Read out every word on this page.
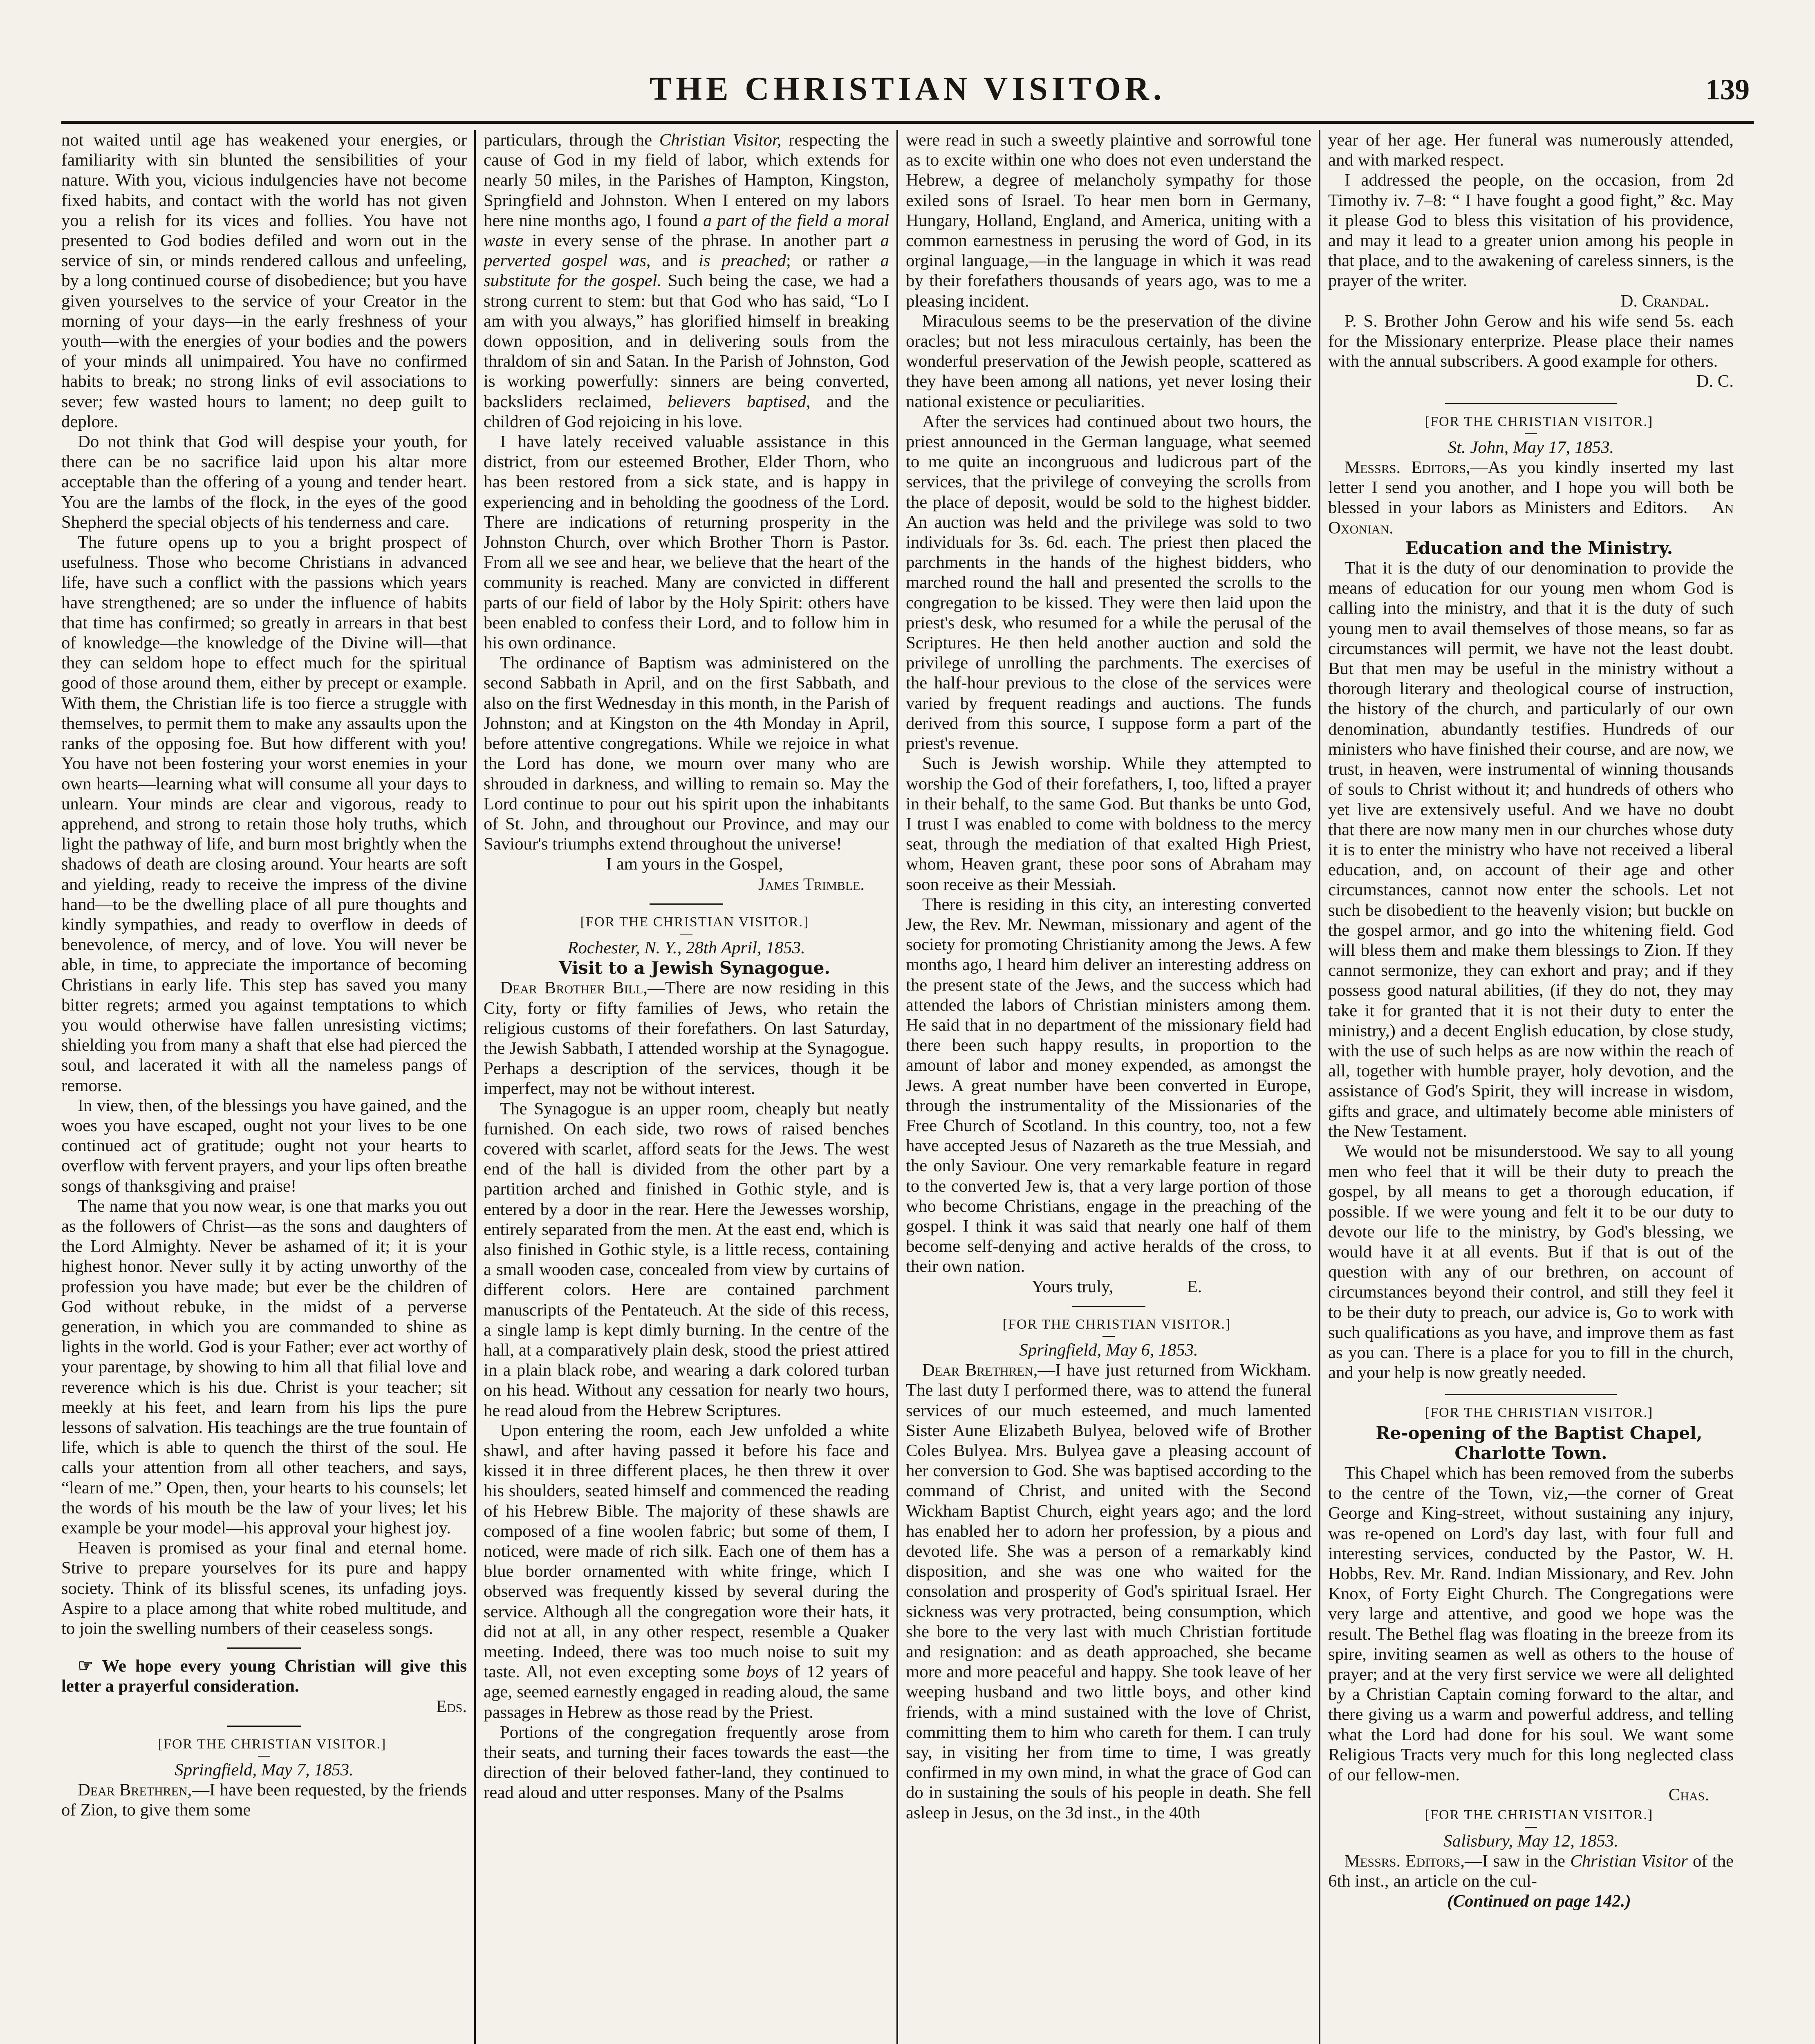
THE CHRISTIAN VISITOR.	139

not waited until age has weakened your energies, or familiarity with sin blunted the sensibilities of your nature. With you, vicious indulgencies have not become fixed habits, and contact with the world has not given you a relish for its vices and follies. You have not presented to God bodies defiled and worn out in the service of sin, or minds rendered callous and unfeeling, by a long continued course of disobedience; but you have given yourselves to the service of your Creator in the morning of your days—in the early freshness of your youth—with the energies of your bodies and the powers of your minds all unimpaired. You have no confirmed habits to break; no strong links of evil associations to sever; few wasted hours to lament; no deep guilt to deplore.

Do not think that God will despise your youth, for there can be no sacrifice laid upon his altar more acceptable than the offering of a young and tender heart. You are the lambs of the flock, in the eyes of the good Shepherd the special objects of his tenderness and care.

The future opens up to you a bright prospect of usefulness. Those who become Christians in advanced life, have such a conflict with the passions which years have strengthened; are so under the influence of habits that time has confirmed; so greatly in arrears in that best of knowledge—the knowledge of the Divine will—that they can seldom hope to effect much for the spiritual good of those around them, either by precept or example. With them, the Christian life is too fierce a struggle with themselves, to permit them to make any assaults upon the ranks of the opposing foe. But how different with you! You have not been fostering your worst enemies in your own hearts—learning what will consume all your days to unlearn. Your minds are clear and vigorous, ready to apprehend, and strong to retain those holy truths, which light the pathway of life, and burn most brightly when the shadows of death are closing around. Your hearts are soft and yielding, ready to receive the impress of the divine hand—to be the dwelling place of all pure thoughts and kindly sympathies, and ready to overflow in deeds of benevolence, of mercy, and of love. You will never be able, in time, to appreciate the importance of becoming Christians in early life. This step has saved you many bitter regrets; armed you against temptations to which you would otherwise have fallen unresisting victims; shielding you from many a shaft that else had pierced the soul, and lacerated it with all the nameless pangs of remorse.

In view, then, of the blessings you have gained, and the woes you have escaped, ought not your lives to be one continued act of gratitude; ought not your hearts to overflow with fervent prayers, and your lips often breathe songs of thanksgiving and praise!

The name that you now wear, is one that marks you out as the followers of Christ—as the sons and daughters of the Lord Almighty. Never be ashamed of it; it is your highest honor. Never sully it by acting unworthy of the profession you have made; but ever be the children of God without rebuke, in the midst of a perverse generation, in which you are commanded to shine as lights in the world. God is your Father; ever act worthy of your parentage, by showing to him all that filial love and reverence which is his due. Christ is your teacher; sit meekly at his feet, and learn from his lips the pure lessons of salvation. His teachings are the true fountain of life, which is able to quench the thirst of the soul. He calls your attention from all other teachers, and says, “learn of me.” Open, then, your hearts to his counsels; let the words of his mouth be the law of your lives; let his example be your model—his approval your highest joy.

Heaven is promised as your final and eternal home. Strive to prepare yourselves for its pure and happy society. Think of its blissful scenes, its unfading joys. Aspire to a place among that white robed multitude, and to join the swelling numbers of their ceaseless songs.

☞ We hope every young Christian will give this letter a prayerful consideration.

Eds.

[FOR THE CHRISTIAN VISITOR.]

Springfield, May 7, 1853.

Dear Brethren,—I have been requested, by the friends of Zion, to give them some

particulars, through the Christian Visitor, respecting the cause of God in my field of labor, which extends for nearly 50 miles, in the Parishes of Hampton, Kingston, Springfield and Johnston. When I entered on my labors here nine months ago, I found a part of the field a moral waste in every sense of the phrase. In another part a perverted gospel was, and is preached; or rather a substitute for the gospel. Such being the case, we had a strong current to stem: but that God who has said, “Lo I am with you always,” has glorified himself in breaking down opposition, and in delivering souls from the thraldom of sin and Satan. In the Parish of Johnston, God is working powerfully: sinners are being converted, backsliders reclaimed, believers baptised, and the children of God rejoicing in his love.

I have lately received valuable assistance in this district, from our esteemed Brother, Elder Thorn, who has been restored from a sick state, and is happy in experiencing and in beholding the goodness of the Lord. There are indications of returning prosperity in the Johnston Church, over which Brother Thorn is Pastor. From all we see and hear, we believe that the heart of the community is reached. Many are convicted in different parts of our field of labor by the Holy Spirit: others have been enabled to confess their Lord, and to follow him in his own ordinance.

The ordinance of Baptism was administered on the second Sabbath in April, and on the first Sabbath, and also on the first Wednesday in this month, in the Parish of Johnston; and at Kingston on the 4th Monday in April, before attentive congregations. While we rejoice in what the Lord has done, we mourn over many who are shrouded in darkness, and willing to remain so. May the Lord continue to pour out his spirit upon the inhabitants of St. John, and throughout our Province, and may our Saviour's triumphs extend throughout the universe!

I am yours in the Gospel,

James Trimble.

[FOR THE CHRISTIAN VISITOR.]

Rochester, N. Y., 28th April, 1853.

Visit to a Jewish Synagogue.

Dear Brother Bill,—There are now residing in this City, forty or fifty families of Jews, who retain the religious customs of their forefathers. On last Saturday, the Jewish Sabbath, I attended worship at the Synagogue. Perhaps a description of the services, though it be imperfect, may not be without interest.

The Synagogue is an upper room, cheaply but neatly furnished. On each side, two rows of raised benches covered with scarlet, afford seats for the Jews. The west end of the hall is divided from the other part by a partition arched and finished in Gothic style, and is entered by a door in the rear. Here the Jewesses worship, entirely separated from the men. At the east end, which is also finished in Gothic style, is a little recess, containing a small wooden case, concealed from view by curtains of different colors. Here are contained parchment manuscripts of the Pentateuch. At the side of this recess, a single lamp is kept dimly burning. In the centre of the hall, at a comparatively plain desk, stood the priest attired in a plain black robe, and wearing a dark colored turban on his head. Without any cessation for nearly two hours, he read aloud from the Hebrew Scriptures.

Upon entering the room, each Jew unfolded a white shawl, and after having passed it before his face and kissed it in three different places, he then threw it over his shoulders, seated himself and commenced the reading of his Hebrew Bible. The majority of these shawls are composed of a fine woolen fabric; but some of them, I noticed, were made of rich silk. Each one of them has a blue border ornamented with white fringe, which I observed was frequently kissed by several during the service. Although all the congregation wore their hats, it did not at all, in any other respect, resemble a Quaker meeting. Indeed, there was too much noise to suit my taste. All, not even excepting some boys of 12 years of age, seemed earnestly engaged in reading aloud, the same passages in Hebrew as those read by the Priest.

Portions of the congregation frequently arose from their seats, and turning their faces towards the east—the direction of their beloved father-land, they continued to read aloud and utter responses. Many of the Psalms

were read in such a sweetly plaintive and sorrowful tone as to excite within one who does not even understand the Hebrew, a degree of melancholy sympathy for those exiled sons of Israel. To hear men born in Germany, Hungary, Holland, England, and America, uniting with a common earnestness in perusing the word of God, in its orginal language,—in the language in which it was read by their forefathers thousands of years ago, was to me a pleasing incident.

Miraculous seems to be the preservation of the divine oracles; but not less miraculous certainly, has been the wonderful preservation of the Jewish people, scattered as they have been among all nations, yet never losing their national existence or peculiarities.

After the services had continued about two hours, the priest announced in the German language, what seemed to me quite an incongruous and ludicrous part of the services, that the privilege of conveying the scrolls from the place of deposit, would be sold to the highest bidder. An auction was held and the privilege was sold to two individuals for 3s. 6d. each. The priest then placed the parchments in the hands of the highest bidders, who marched round the hall and presented the scrolls to the congregation to be kissed. They were then laid upon the priest's desk, who resumed for a while the perusal of the Scriptures. He then held another auction and sold the privilege of unrolling the parchments. The exercises of the half-hour previous to the close of the services were varied by frequent readings and auctions. The funds derived from this source, I suppose form a part of the priest's revenue.

Such is Jewish worship. While they attempted to worship the God of their forefathers, I, too, lifted a prayer in their behalf, to the same God. But thanks be unto God, I trust I was enabled to come with boldness to the mercy seat, through the mediation of that exalted High Priest, whom, Heaven grant, these poor sons of Abraham may soon receive as their Messiah.

There is residing in this city, an interesting converted Jew, the Rev. Mr. Newman, missionary and agent of the society for promoting Christianity among the Jews. A few months ago, I heard him deliver an interesting address on the present state of the Jews, and the success which had attended the labors of Christian ministers among them. He said that in no department of the missionary field had there been such happy results, in proportion to the amount of labor and money expended, as amongst the Jews. A great number have been converted in Europe, through the instrumentality of the Missionaries of the Free Church of Scotland. In this country, too, not a few have accepted Jesus of Nazareth as the true Messiah, and the only Saviour. One very remarkable feature in regard to the converted Jew is, that a very large portion of those who become Christians, engage in the preaching of the gospel. I think it was said that nearly one half of them become self-denying and active heralds of the cross, to their own nation.

Yours truly,	E.

[FOR THE CHRISTIAN VISITOR.]

Springfield, May 6, 1853.

Dear Brethren,—I have just returned from Wickham. The last duty I performed there, was to attend the funeral services of our much esteemed, and much lamented Sister Aune Elizabeth Bulyea, beloved wife of Brother Coles Bulyea. Mrs. Bulyea gave a pleasing account of her conversion to God. She was baptised according to the command of Christ, and united with the Second Wickham Baptist Church, eight years ago; and the lord has enabled her to adorn her profession, by a pious and devoted life. She was a person of a remarkably kind disposition, and she was one who waited for the consolation and prosperity of God's spiritual Israel. Her sickness was very protracted, being consumption, which she bore to the very last with much Christian fortitude and resignation: and as death approached, she became more and more peaceful and happy. She took leave of her weeping husband and two little boys, and other kind friends, with a mind sustained with the love of Christ, committing them to him who careth for them. I can truly say, in visiting her from time to time, I was greatly confirmed in my own mind, in what the grace of God can do in sustaining the souls of his people in death. She fell asleep in Jesus, on the 3d inst., in the 40th

year of her age. Her funeral was numerously attended, and with marked respect.

I addressed the people, on the occasion, from 2d Timothy iv. 7–8: “ I have fought a good fight,” &c. May it please God to bless this visitation of his providence, and may it lead to a greater union among his people in that place, and to the awakening of careless sinners, is the prayer of the writer.

D. Crandal.

P. S. Brother John Gerow and his wife send 5s. each for the Missionary enterprize. Please place their names with the annual subscribers. A good example for others.

D. C.

[FOR THE CHRISTIAN VISITOR.]

St. John, May 17, 1853.

Messrs. Editors,—As you kindly inserted my last letter I send you another, and I hope you will both be blessed in your labors as Ministers and Editors. An Oxonian.

Education and the Ministry.

That it is the duty of our denomination to provide the means of education for our young men whom God is calling into the ministry, and that it is the duty of such young men to avail themselves of those means, so far as circumstances will permit, we have not the least doubt. But that men may be useful in the ministry without a thorough literary and theological course of instruction, the history of the church, and particularly of our own denomination, abundantly testifies. Hundreds of our ministers who have finished their course, and are now, we trust, in heaven, were instrumental of winning thousands of souls to Christ without it; and hundreds of others who yet live are extensively useful. And we have no doubt that there are now many men in our churches whose duty it is to enter the ministry who have not received a liberal education, and, on account of their age and other circumstances, cannot now enter the schools. Let not such be disobedient to the heavenly vision; but buckle on the gospel armor, and go into the whitening field. God will bless them and make them blessings to Zion. If they cannot sermonize, they can exhort and pray; and if they possess good natural abilities, (if they do not, they may take it for granted that it is not their duty to enter the ministry,) and a decent English education, by close study, with the use of such helps as are now within the reach of all, together with humble prayer, holy devotion, and the assistance of God's Spirit, they will increase in wisdom, gifts and grace, and ultimately become able ministers of the New Testament.

We would not be misunderstood. We say to all young men who feel that it will be their duty to preach the gospel, by all means to get a thorough education, if possible. If we were young and felt it to be our duty to devote our life to the ministry, by God's blessing, we would have it at all events. But if that is out of the question with any of our brethren, on account of circumstances beyond their control, and still they feel it to be their duty to preach, our advice is, Go to work with such qualifications as you have, and improve them as fast as you can. There is a place for you to fill in the church, and your help is now greatly needed.

[FOR THE CHRISTIAN VISITOR.]

Re-opening of the Baptist Chapel, Charlotte Town.

This Chapel which has been removed from the suberbs to the centre of the Town, viz,—the corner of Great George and King-street, without sustaining any injury, was re-opened on Lord's day last, with four full and interesting services, conducted by the Pastor, W. H. Hobbs, Rev. Mr. Rand. Indian Missionary, and Rev. John Knox, of Forty Eight Church. The Congregations were very large and attentive, and good we hope was the result. The Bethel flag was floating in the breeze from its spire, inviting seamen as well as others to the house of prayer; and at the very first service we were all delighted by a Christian Captain coming forward to the altar, and there giving us a warm and powerful address, and telling what the Lord had done for his soul. We want some Religious Tracts very much for this long neglected class of our fellow-men.

Chas.

[FOR THE CHRISTIAN VISITOR.]

Salisbury, May 12, 1853.

Messrs. Editors,—I saw in the Christian Visitor of the 6th inst., an article on the cul-

(Continued on page 142.)
